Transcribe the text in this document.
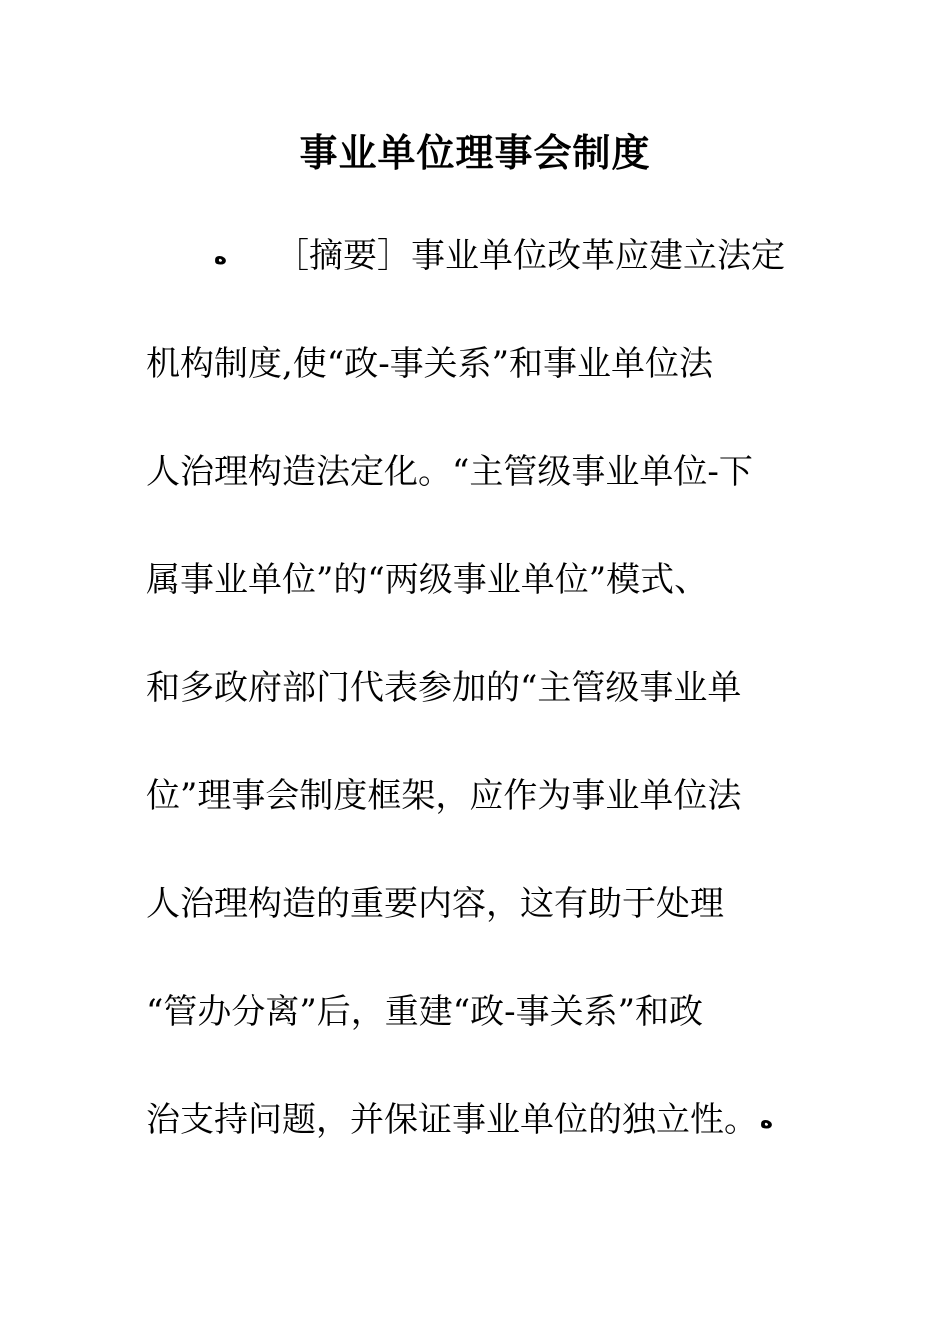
事业单位理事会制度
ە ［摘要］事业单位改革应建立法定
机构制度,使“政-事关系”和事业单位法
人治理构造法定化。“主管级事业单位-下
属事业单位”的“两级事业单位”模式、
和多政府部门代表参加的“主管级事业单
位”理事会制度框架，应作为事业单位法
人治理构造的重要内容，这有助于处理
“管办分离”后，重建“政-事关系”和政
治支持问题，并保证事业单位的独立性。ە
